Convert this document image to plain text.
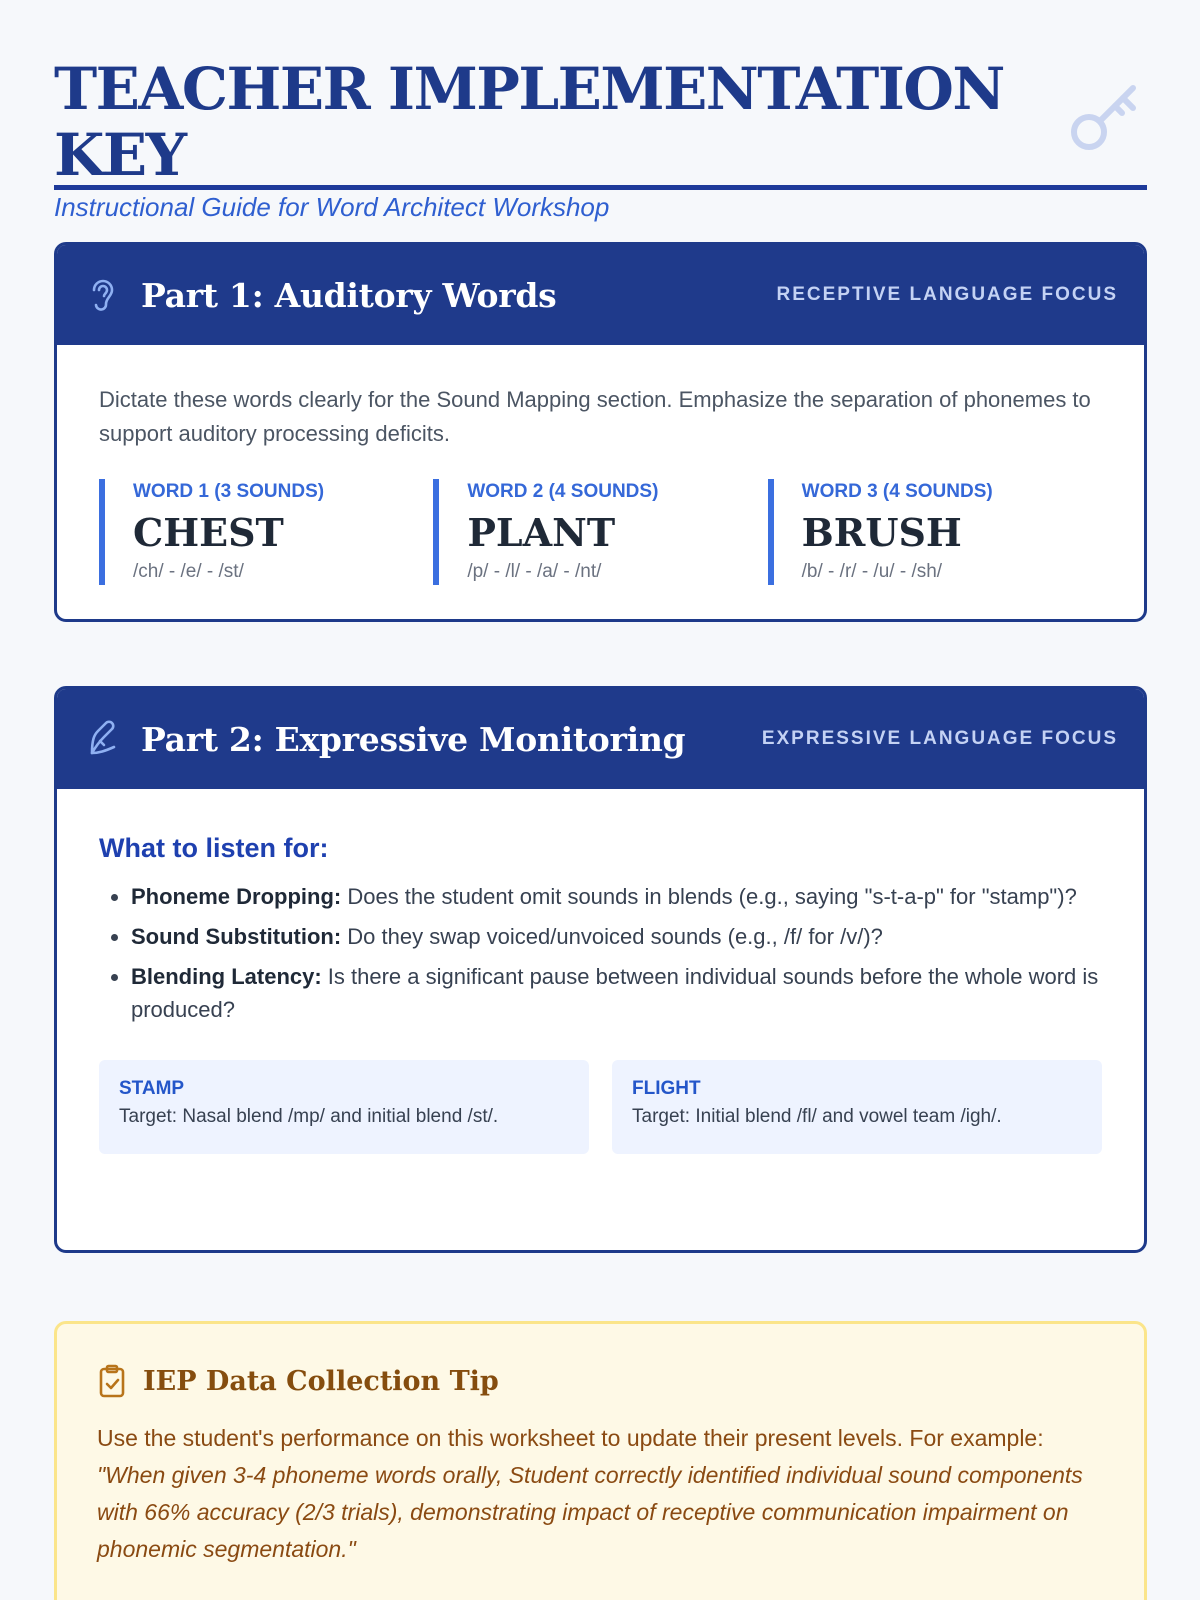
TEACHER IMPLEMENTATION KEY
Instructional Guide for Word Architect Workshop
Part 1: Auditory Words	RECEPTIVE LANGUAGE FOCUS
Dictate these words clearly for the Sound Mapping section. Emphasize the separation of phonemes to support auditory processing deficits.
WORD 1 (3 SOUNDS)
CHEST
/ch/ - /e/ - /st/
WORD 2 (4 SOUNDS)
PLANT
/p/ - /l/ - /a/ - /nt/
WORD 3 (4 SOUNDS)
BRUSH
/b/ - /r/ - /u/ - /sh/
Part 2: Expressive Monitoring	EXPRESSIVE LANGUAGE FOCUS
What to listen for:
• Phoneme Dropping: Does the student omit sounds in blends (e.g., saying "s-t-a-p" for "stamp")?
• Sound Substitution: Do they swap voiced/unvoiced sounds (e.g., /f/ for /v/)?
• Blending Latency: Is there a significant pause between individual sounds before the whole word is produced?
STAMP
Target: Nasal blend /mp/ and initial blend /st/.
FLIGHT
Target: Initial blend /fl/ and vowel team /igh/.
IEP Data Collection Tip
Use the student's performance on this worksheet to update their present levels. For example: "When given 3-4 phoneme words orally, Student correctly identified individual sound components with 66% accuracy (2/3 trials), demonstrating impact of receptive communication impairment on phonemic segmentation."
